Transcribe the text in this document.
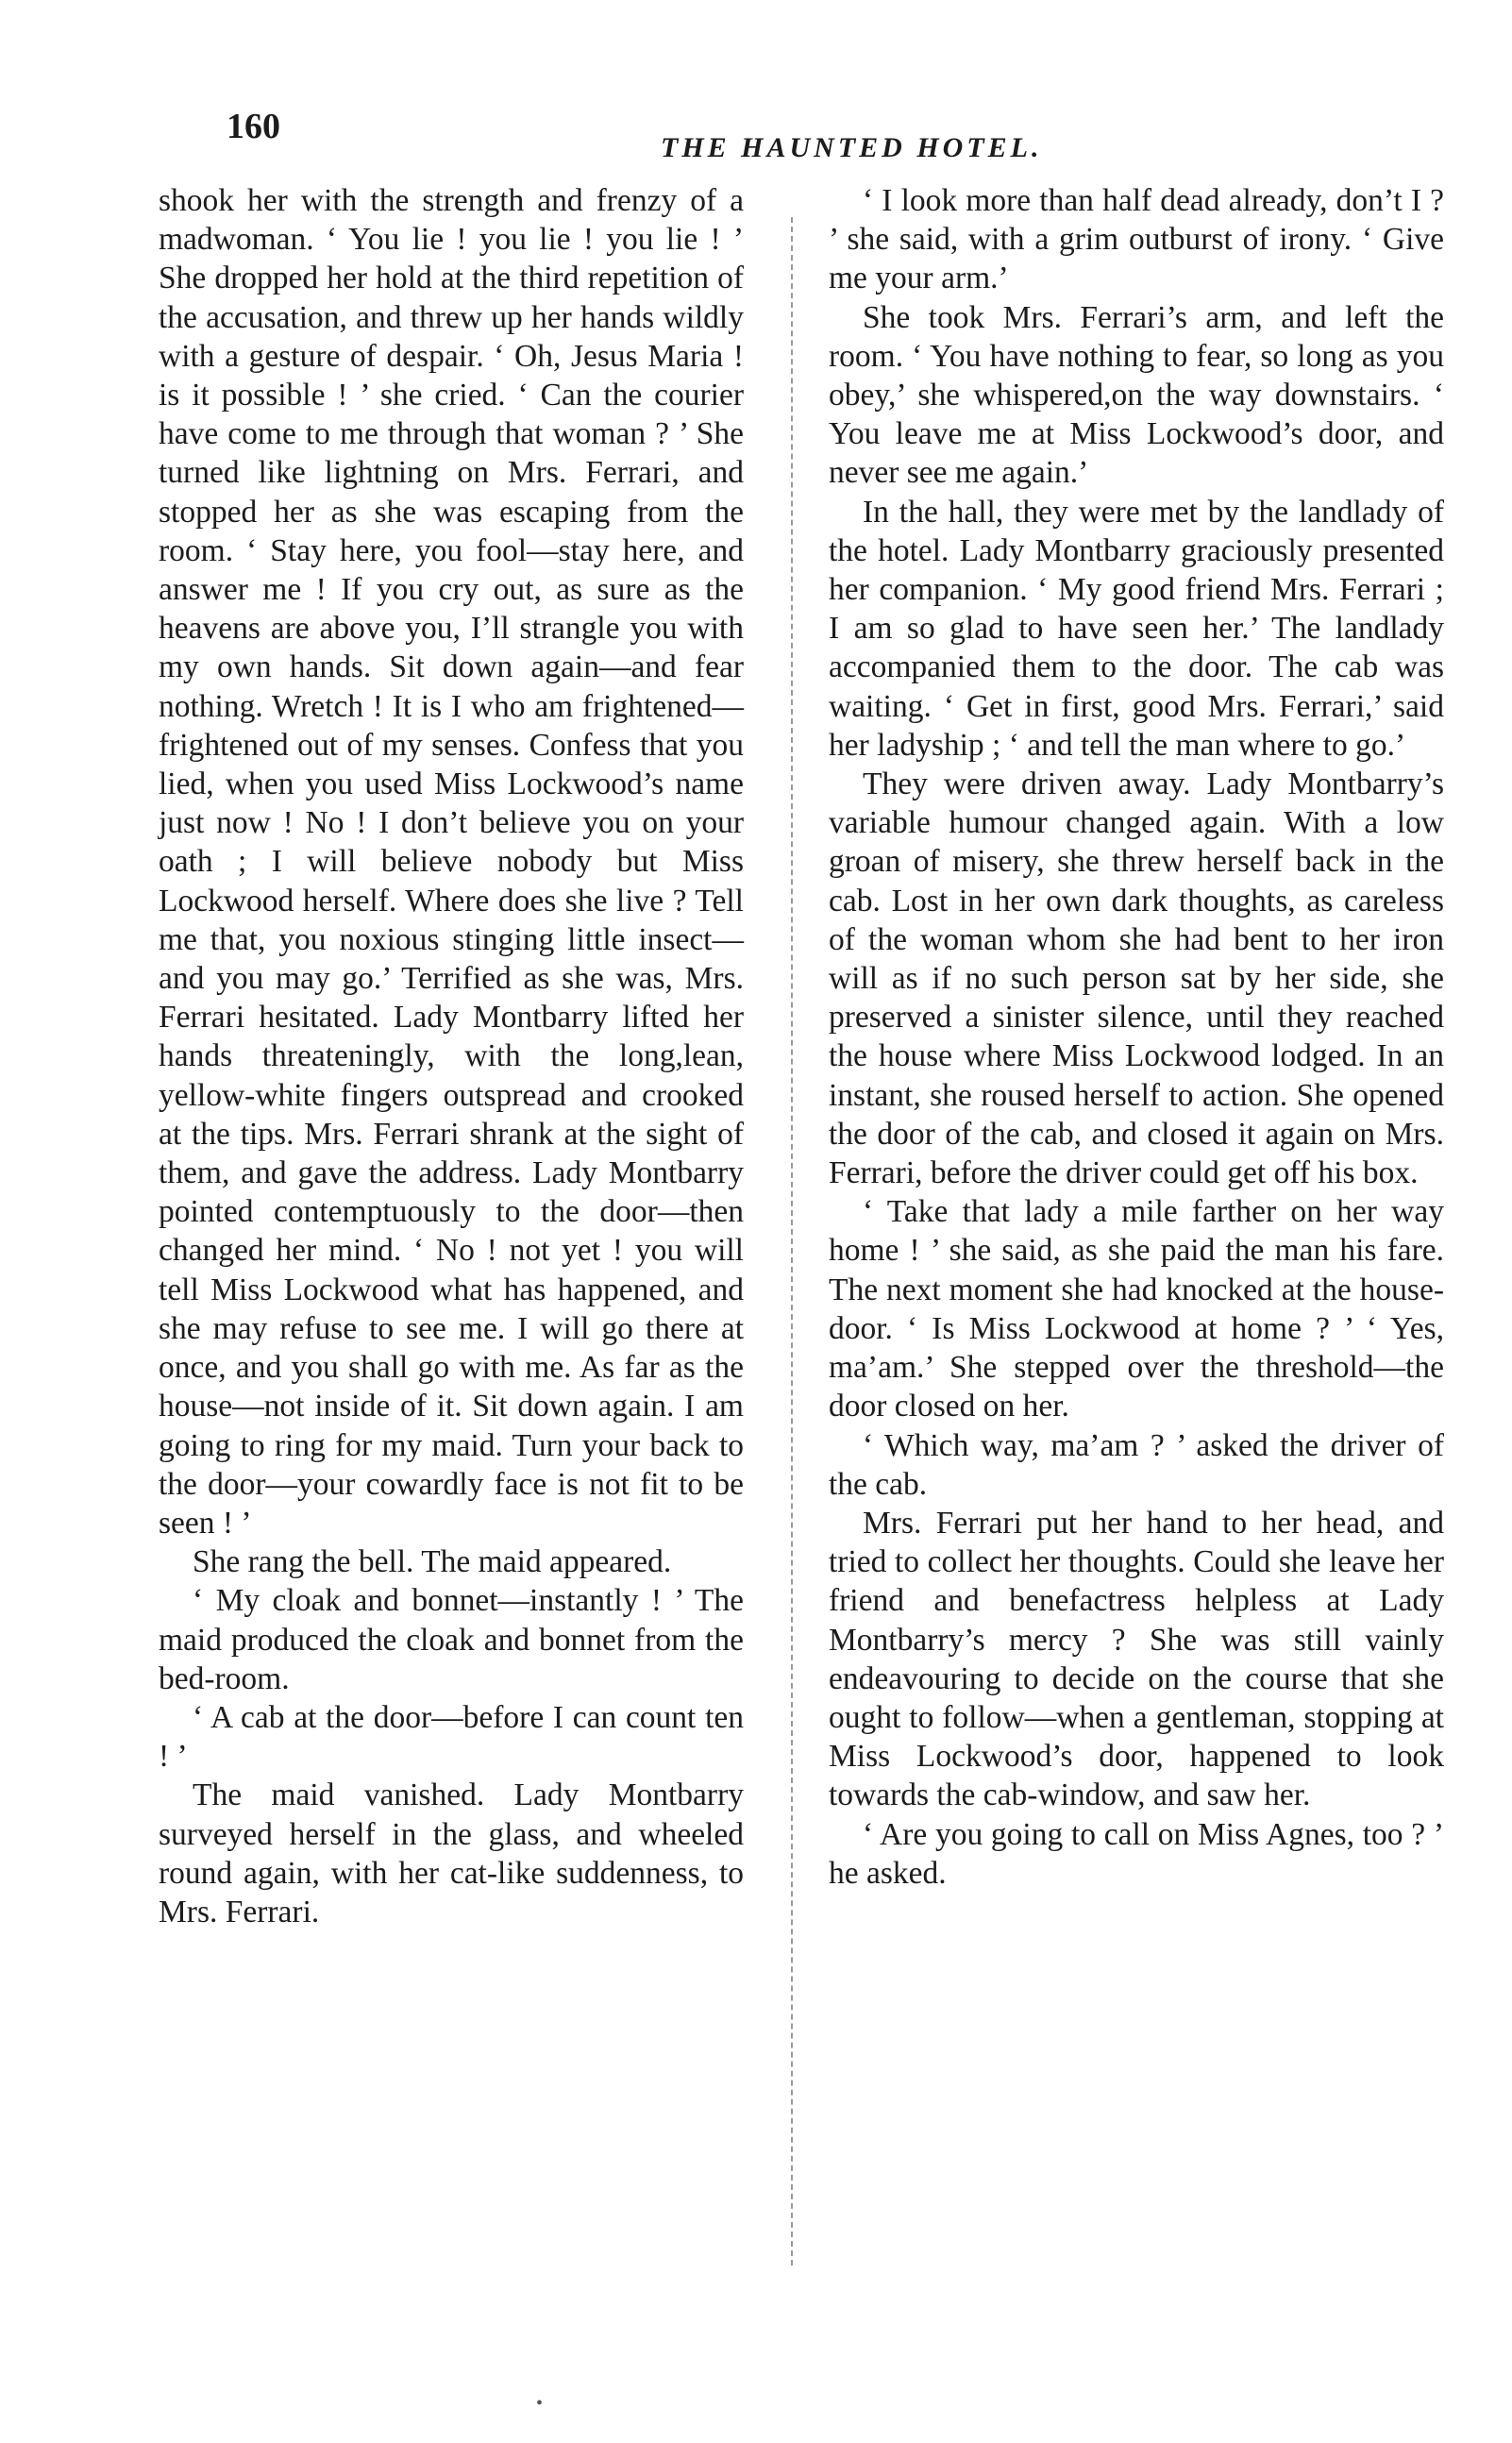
160
THE HAUNTED HOTEL.

shook her with the strength and frenzy of a madwoman. ‘ You lie ! you lie ! you lie ! ’ She dropped her hold at the third repetition of the accusation, and threw up her hands wildly with a gesture of despair. ‘ Oh, Jesus Maria ! is it possible ! ’ she cried. ‘ Can the courier have come to me through that woman ? ’ She turned like lightning on Mrs. Ferrari, and stopped her as she was escaping from the room. ‘ Stay here, you fool—stay here, and answer me ! If you cry out, as sure as the heavens are above you, I’ll strangle you with my own hands. Sit down again—and fear nothing. Wretch ! It is I who am frightened—frightened out of my senses. Confess that you lied, when you used Miss Lockwood’s name just now ! No ! I don’t believe you on your oath ; I will believe nobody but Miss Lockwood herself. Where does she live ? Tell me that, you noxious stinging little insect—and you may go.’ Terrified as she was, Mrs. Ferrari hesitated. Lady Montbarry lifted her hands threateningly, with the long,lean, yellow-white fingers outspread and crooked at the tips. Mrs. Ferrari shrank at the sight of them, and gave the address. Lady Montbarry pointed contemptuously to the door—then changed her mind. ‘ No ! not yet ! you will tell Miss Lockwood what has happened, and she may refuse to see me. I will go there at once, and you shall go with me. As far as the house—not inside of it. Sit down again. I am going to ring for my maid. Turn your back to the door—your cowardly face is not fit to be seen ! ’

She rang the bell. The maid appeared.

‘ My cloak and bonnet—instantly ! ’ The maid produced the cloak and bonnet from the bed-room.

‘ A cab at the door—before I can count ten ! ’

The maid vanished. Lady Montbarry surveyed herself in the glass, and wheeled round again, with her cat-like suddenness, to Mrs. Ferrari.

‘ I look more than half dead already, don’t I ? ’ she said, with a grim outburst of irony. ‘ Give me your arm.’

She took Mrs. Ferrari’s arm, and left the room. ‘ You have nothing to fear, so long as you obey,’ she whispered,on the way downstairs. ‘ You leave me at Miss Lockwood’s door, and never see me again.’

In the hall, they were met by the landlady of the hotel. Lady Montbarry graciously presented her companion. ‘ My good friend Mrs. Ferrari ; I am so glad to have seen her.’ The landlady accompanied them to the door. The cab was waiting. ‘ Get in first, good Mrs. Ferrari,’ said her ladyship ; ‘ and tell the man where to go.’

They were driven away. Lady Montbarry’s variable humour changed again. With a low groan of misery, she threw herself back in the cab. Lost in her own dark thoughts, as careless of the woman whom she had bent to her iron will as if no such person sat by her side, she preserved a sinister silence, until they reached the house where Miss Lockwood lodged. In an instant, she roused herself to action. She opened the door of the cab, and closed it again on Mrs. Ferrari, before the driver could get off his box.

‘ Take that lady a mile farther on her way home ! ’ she said, as she paid the man his fare. The next moment she had knocked at the house-door. ‘ Is Miss Lockwood at home ? ’ ‘ Yes, ma’am.’ She stepped over the threshold—the door closed on her.

‘ Which way, ma’am ? ’ asked the driver of the cab.

Mrs. Ferrari put her hand to her head, and tried to collect her thoughts. Could she leave her friend and benefactress helpless at Lady Montbarry’s mercy ? She was still vainly endeavouring to decide on the course that she ought to follow—when a gentleman, stopping at Miss Lockwood’s door, happened to look towards the cab-window, and saw her.

‘ Are you going to call on Miss Agnes, too ? ’ he asked.

•
